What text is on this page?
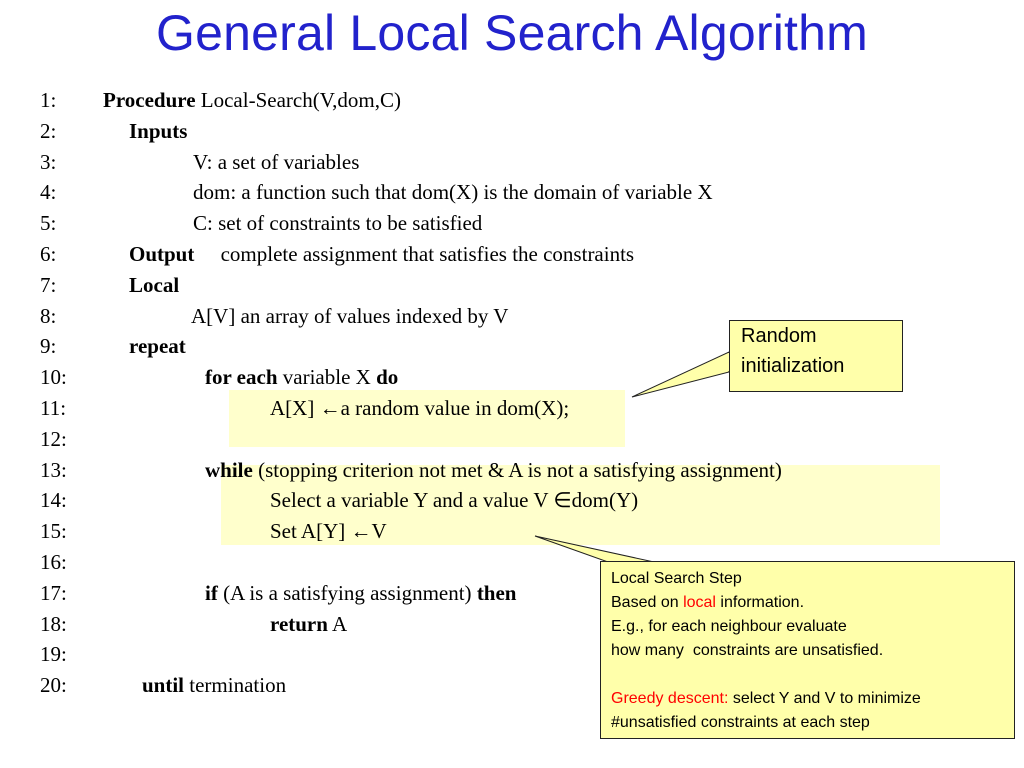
General Local Search Algorithm
1: Procedure Local-Search(V,dom,C)
2:	Inputs
3:	V: a set of variables
4:	dom: a function such that dom(X) is the domain of variable X
5:	C: set of constraints to be satisfied
6:	Output     complete assignment that satisfies the constraints
7:	Local
8:	A[V] an array of values indexed by V
9:	repeat
10:	for each variable X do
11:	A[X] ←a random value in dom(X);
12:
13:	while (stopping criterion not met & A is not a satisfying assignment)
14:	Select a variable Y and a value V ∈dom(Y)
15:	Set A[Y] ←V
16:
17:	if (A is a satisfying assignment) then
18:	return A
19:
20:	until termination
Random
initialization
Local Search Step
Based on local information.
E.g., for each neighbour evaluate
how many  constraints are unsatisfied.
Greedy descent: select Y and V to minimize
#unsatisfied constraints at each step
